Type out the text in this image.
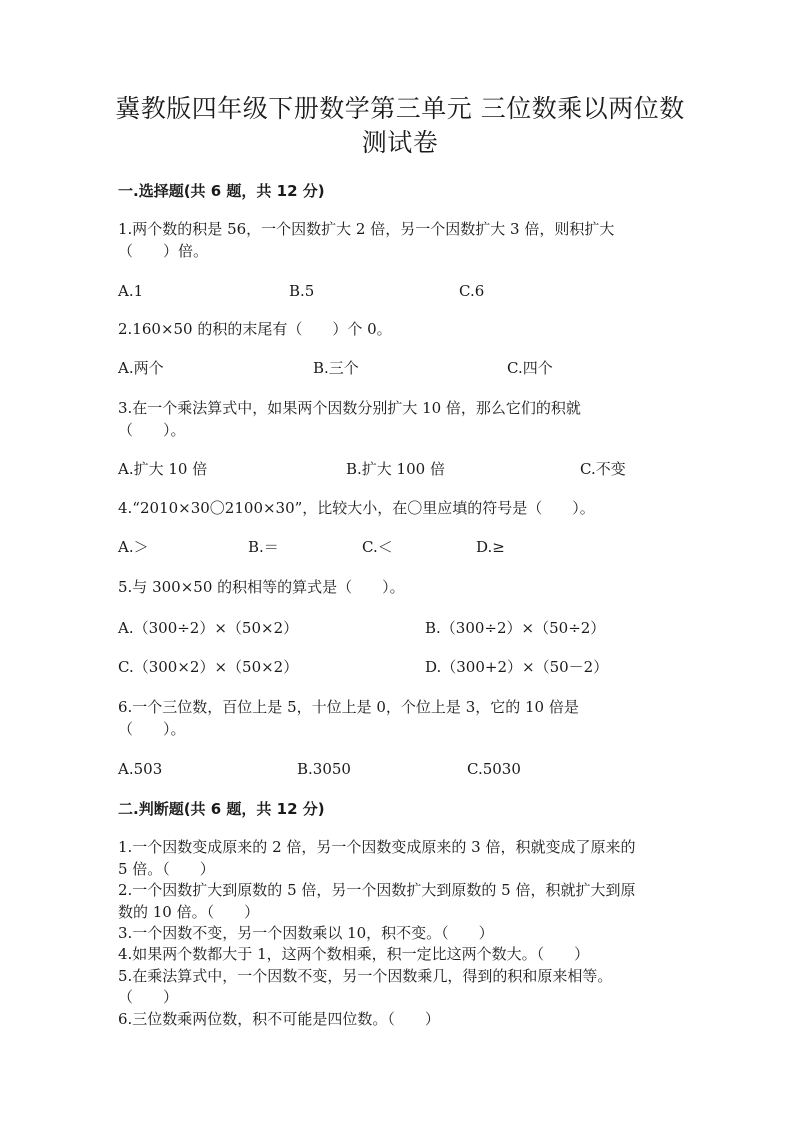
冀教版四年级下册数学第三单元 三位数乘以两位数
测试卷
一.选择题(共 6 题，共 12 分)
1.两个数的积是 56，一个因数扩大 2 倍，另一个因数扩大 3 倍，则积扩大
（　　）倍。
A.1	B.5	C.6
2.160×50 的积的末尾有（　　）个 0。
A.两个	B.三个	C.四个
3.在一个乘法算式中，如果两个因数分别扩大 10 倍，那么它们的积就
（　　）。
A.扩大 10 倍	B.扩大 100 倍	C.不变
4.“2010×30〇2100×30”，比较大小，在〇里应填的符号是（　　）。
A.＞	B.＝	C.＜	D.≥
5.与 300×50 的积相等的算式是（　　）。
A.（300÷2）×（50×2）	B.（300÷2）×（50÷2）
C.（300×2）×（50×2）	D.（300+2）×（50－2）
6.一个三位数，百位上是 5，十位上是 0，个位上是 3，它的 10 倍是
（　　）。
A.503	B.3050	C.5030
二.判断题(共 6 题，共 12 分)
1.一个因数变成原来的 2 倍，另一个因数变成原来的 3 倍，积就变成了原来的
5 倍。（　　）
2.一个因数扩大到原数的 5 倍，另一个因数扩大到原数的 5 倍，积就扩大到原
数的 10 倍。（　　）
3.一个因数不变，另一个因数乘以 10，积不变。（　　）
4.如果两个数都大于 1，这两个数相乘，积一定比这两个数大。（　　）
5.在乘法算式中，一个因数不变，另一个因数乘几，得到的积和原来相等。
（　　）
6.三位数乘两位数，积不可能是四位数。（　　）
